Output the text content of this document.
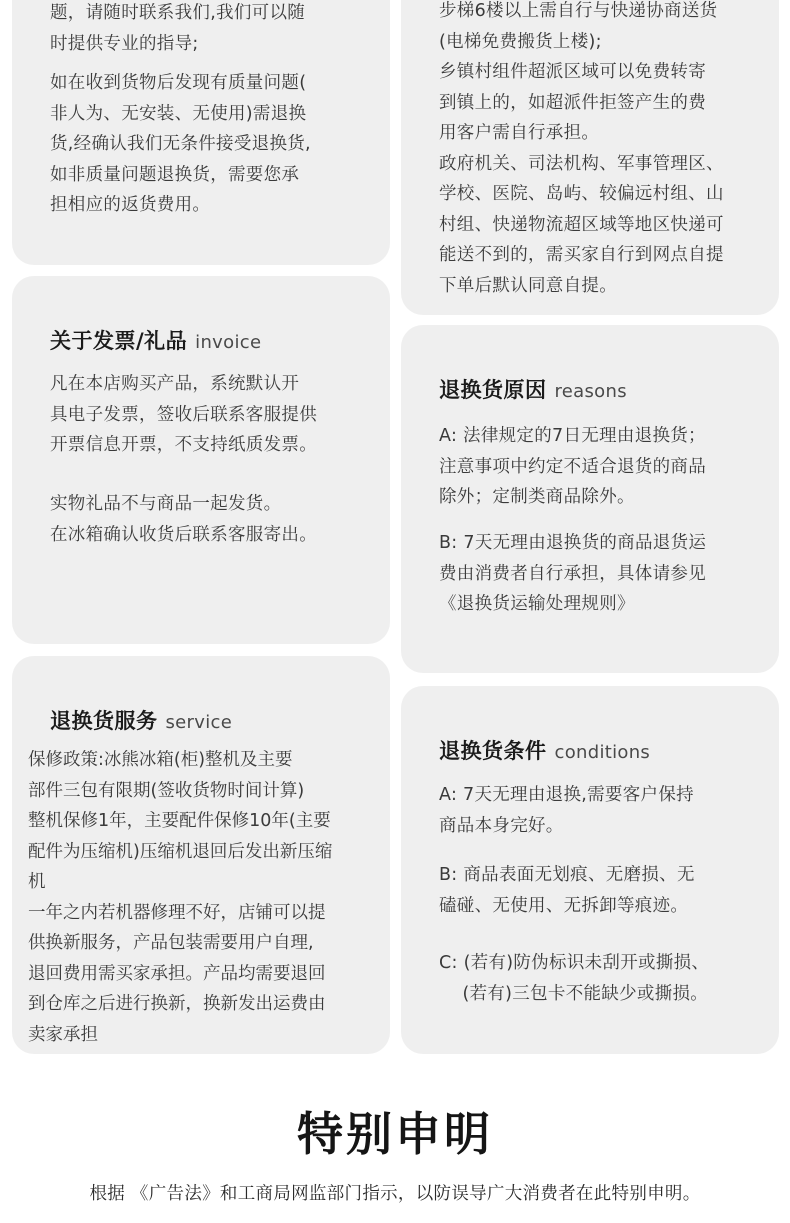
题，请随时联系我们,我们可以随
时提供专业的指导;
如在收到货物后发现有质量问题(
非人为、无安装、无使用)需退换
货,经确认我们无条件接受退换货,
如非质量问题退换货，需要您承
担相应的返货费用。
步梯6楼以上需自行与快递协商送货
(电梯免费搬货上楼);
乡镇村组件超派区域可以免费转寄
到镇上的，如超派件拒签产生的费
用客户需自行承担。
政府机关、司法机构、军事管理区、
学校、医院、岛屿、较偏远村组、山
村组、快递物流超区域等地区快递可
能送不到的，需买家自行到网点自提
下单后默认同意自提。
关于发票/礼品 invoice
凡在本店购买产品，系统默认开
具电子发票，签收后联系客服提供
开票信息开票，不支持纸质发票。
实物礼品不与商品一起发货。
在冰箱确认收货后联系客服寄出。
退换货原因 reasons
A: 法律规定的7日无理由退换货；
注意事项中约定不适合退货的商品
除外；定制类商品除外。
B: 7天无理由退换货的商品退货运
费由消费者自行承担，具体请参见
《退换货运输处理规则》
退换货服务 service
保修政策:冰熊冰箱(柜)整机及主要
部件三包有限期(签收货物时间计算)
整机保修1年，主要配件保修10年(主要
配件为压缩机)压缩机退回后发出新压缩
机
一年之内若机器修理不好，店铺可以提
供换新服务，产品包装需要用户自理,
退回费用需买家承担。产品均需要退回
到仓库之后进行换新，换新发出运费由
卖家承担
退换货条件 conditions
A: 7天无理由退换,需要客户保持
商品本身完好。
B: 商品表面无划痕、无磨损、无
磕碰、无使用、无拆卸等痕迹。
C: (若有)防伪标识未刮开或撕损、
(若有)三包卡不能缺少或撕损。
特别申明
根据 《广告法》和工商局网监部门指示，以防误导广大消费者在此特别申明。
